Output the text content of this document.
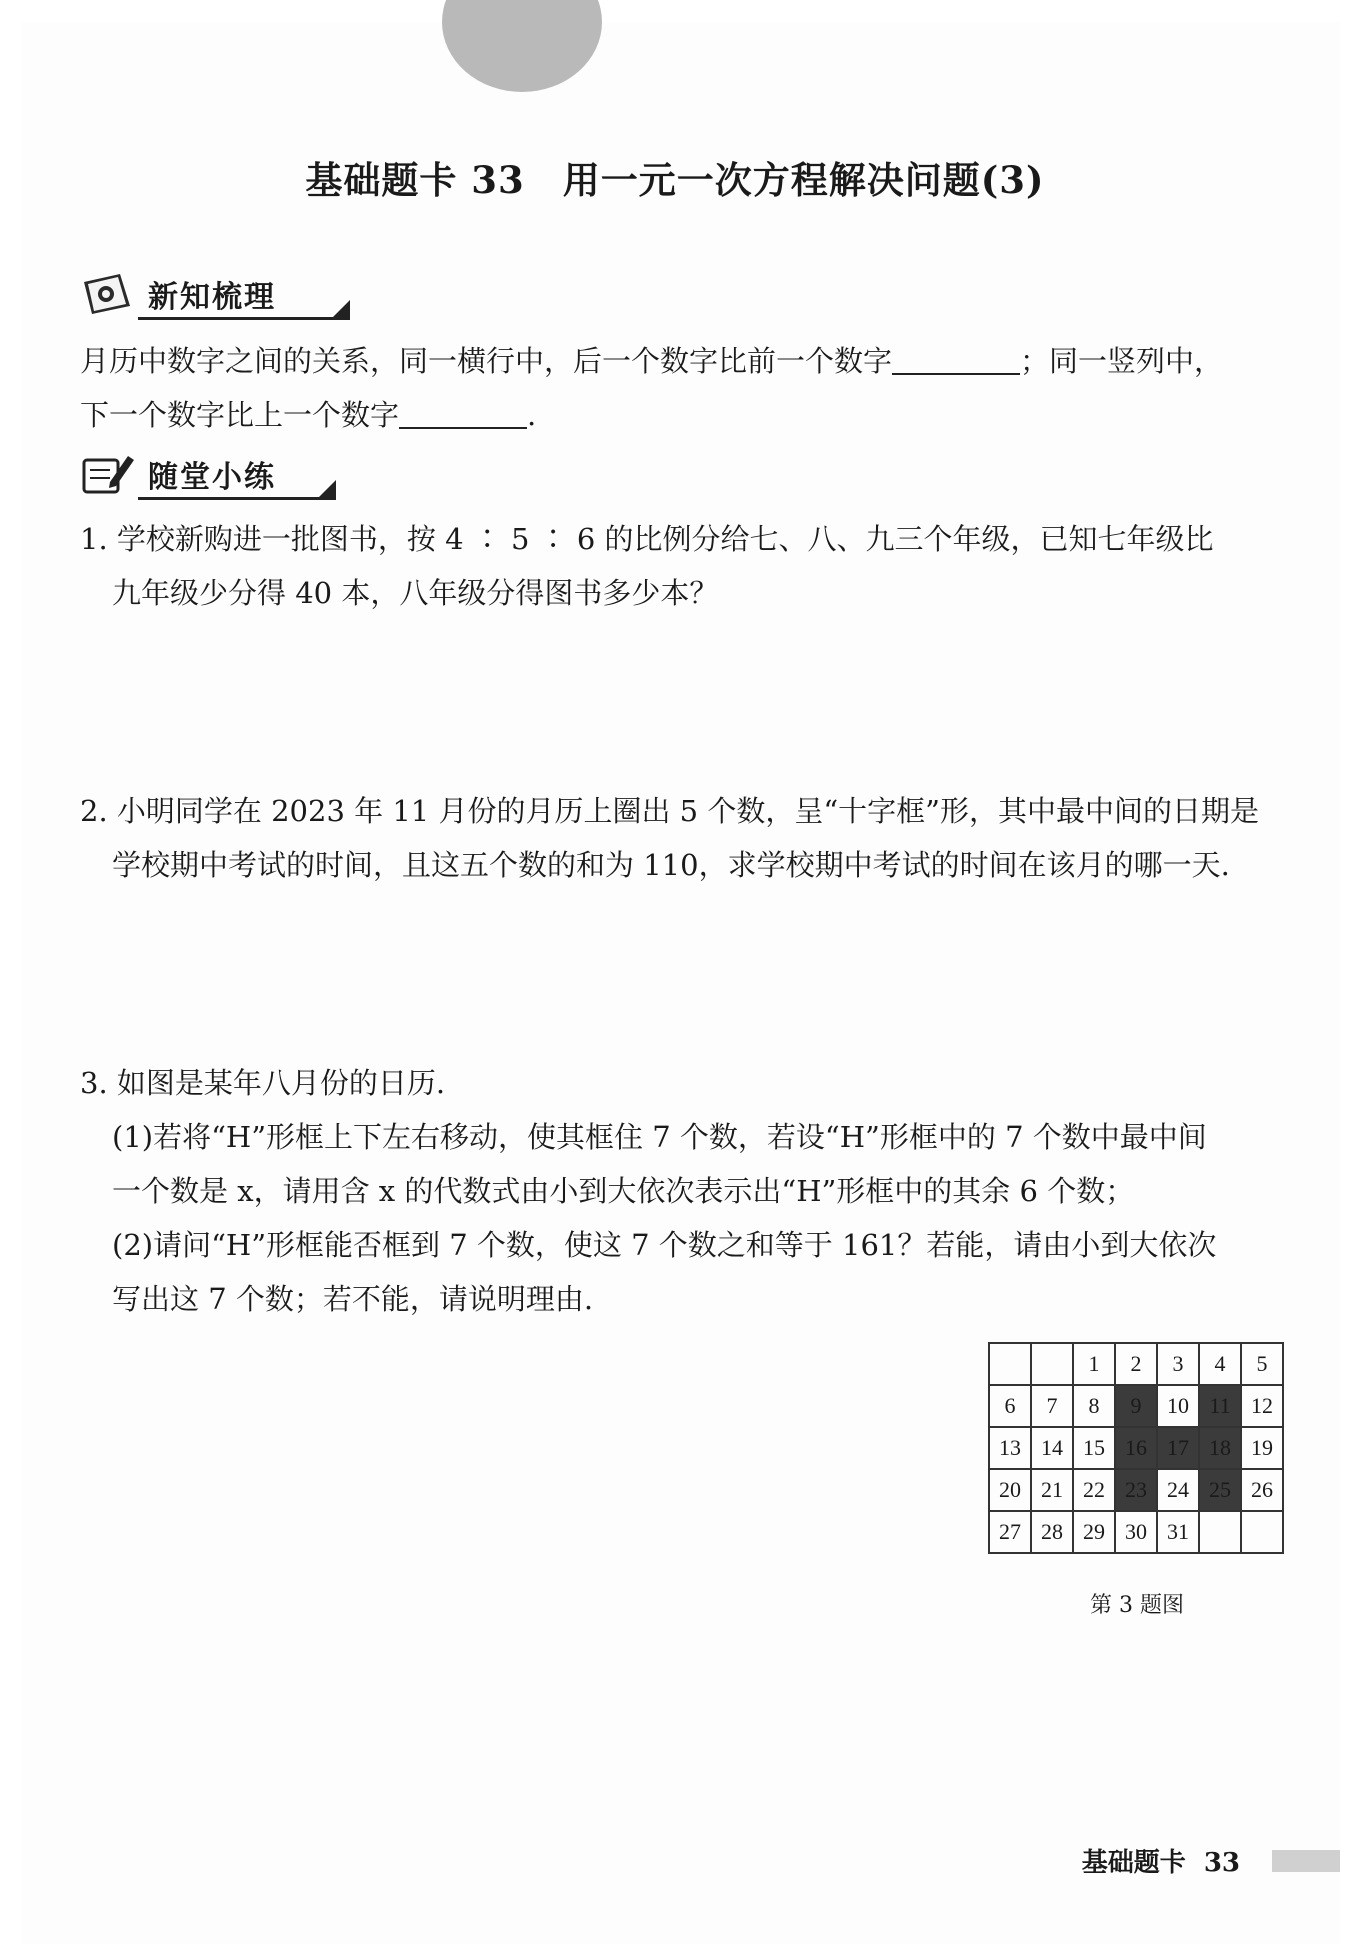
基础题卡 33　用一元一次方程解决问题(3)
新知梳理
月历中数字之间的关系，同一横行中，后一个数字比前一个数字	；同一竖列中，
下一个数字比上一个数字	.
随堂小练
1. 学校新购进一批图书，按 4 ∶ 5 ∶ 6 的比例分给七、八、九三个年级，已知七年级比
九年级少分得 40 本，八年级分得图书多少本？
2. 小明同学在 2023 年 11 月份的月历上圈出 5 个数，呈“十字框”形，其中最中间的日期是
学校期中考试的时间，且这五个数的和为 110，求学校期中考试的时间在该月的哪一天.
3. 如图是某年八月份的日历.
(1)若将“H”形框上下左右移动，使其框住 7 个数，若设“H”形框中的 7 个数中最中间
一个数是 x，请用含 x 的代数式由小到大依次表示出“H”形框中的其余 6 个数；
(2)请问“H”形框能否框到 7 个数，使这 7 个数之和等于 161？若能，请由小到大依次
写出这 7 个数；若不能，请说明理由.
		1	2	3	4	5
6	7	8	9	10	11	12
13	14	15	16	17	18	19
20	21	22	23	24	25	26
27	28	29	30	31		
第 3 题图
基础题卡 33
